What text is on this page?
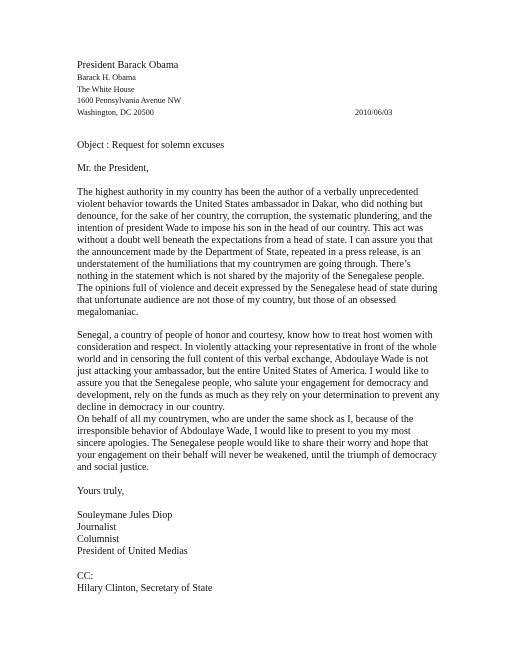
President Barack Obama
Barack H. Obama
The White House
1600 Pennsylvania Avenue NW
Washington, DC 20500	2010/06/03
Object : Request for solemn excuses
Mr. the President,
The highest authority in my country has been the author of a verbally unprecedented
violent behavior towards the United States ambassador in Dakar, who did nothing but
denounce, for the sake of her country, the corruption, the systematic plundering, and the
intention of president Wade to impose his son in the head of our country. This act was
without a doubt well beneath the expectations from a head of state. I can assure you that
the announcement made by the Department of State, repeated in a press release, is an
understatement of the humiliations that my countrymen are going through. There’s
nothing in the statement which is not shared by the majority of the Senegalese people.
The opinions full of violence and deceit expressed by the Senegalese head of state during
that unfortunate audience are not those of my country, but those of an obsessed
megalomaniac.
Senegal, a country of people of honor and courtesy, know how to treat host women with
consideration and respect. In violently attacking your representative in front of the whole
world and in censoring the full content of this verbal exchange, Abdoulaye Wade is not
just attacking your ambassador, but the entire United States of America. I would like to
assure you that the Senegalese people, who salute your engagement for democracy and
development, rely on the funds as much as they rely on your determination to prevent any
decline in democracy in our country.
On behalf of all my countrymen, who are under the same shock as I, because of the
irresponsible behavior of Abdoulaye Wade, I would like to present to you my most
sincere apologies. The Senegalese people would like to share their worry and hope that
your engagement on their behalf will never be weakened, until the triumph of democracy
and social justice.
Yours truly,
Souleymane Jules Diop
Journalist
Columnist
President of United Medias
CC:
Hilary Clinton, Secretary of State
